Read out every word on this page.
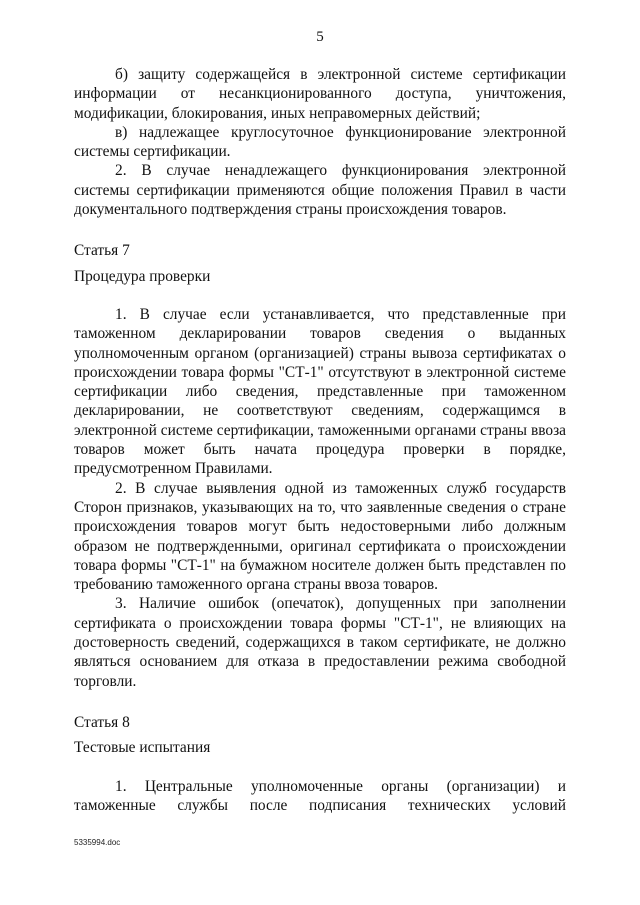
5

б) защиту содержащейся в электронной системе сертификации информации от несанкционированного доступа, уничтожения, модификации, блокирования, иных неправомерных действий;

в) надлежащее круглосуточное функционирование электронной системы сертификации.

2. В случае ненадлежащего функционирования электронной системы сертификации применяются общие положения Правил в части документального подтверждения страны происхождения товаров.

Статья 7

Процедура проверки

1. В случае если устанавливается, что представленные при таможенном декларировании товаров сведения о выданных уполномоченным органом (организацией) страны вывоза сертификатах о происхождении товара формы "СТ-1" отсутствуют в электронной системе сертификации либо сведения, представленные при таможенном декларировании, не соответствуют сведениям, содержащимся в электронной системе сертификации, таможенными органами страны ввоза товаров может быть начата процедура проверки в порядке, предусмотренном Правилами.

2. В случае выявления одной из таможенных служб государств Сторон признаков, указывающих на то, что заявленные сведения о стране происхождения товаров могут быть недостоверными либо должным образом не подтвержденными, оригинал сертификата о происхождении товара формы "СТ-1" на бумажном носителе должен быть представлен по требованию таможенного органа страны ввоза товаров.

3. Наличие ошибок (опечаток), допущенных при заполнении сертификата о происхождении товара формы "СТ-1", не влияющих на достоверность сведений, содержащихся в таком сертификате, не должно являться основанием для отказа в предоставлении режима свободной торговли.

Статья 8

Тестовые испытания

1. Центральные уполномоченные органы (организации) и таможенные службы после подписания технических условий

5335994.doc
